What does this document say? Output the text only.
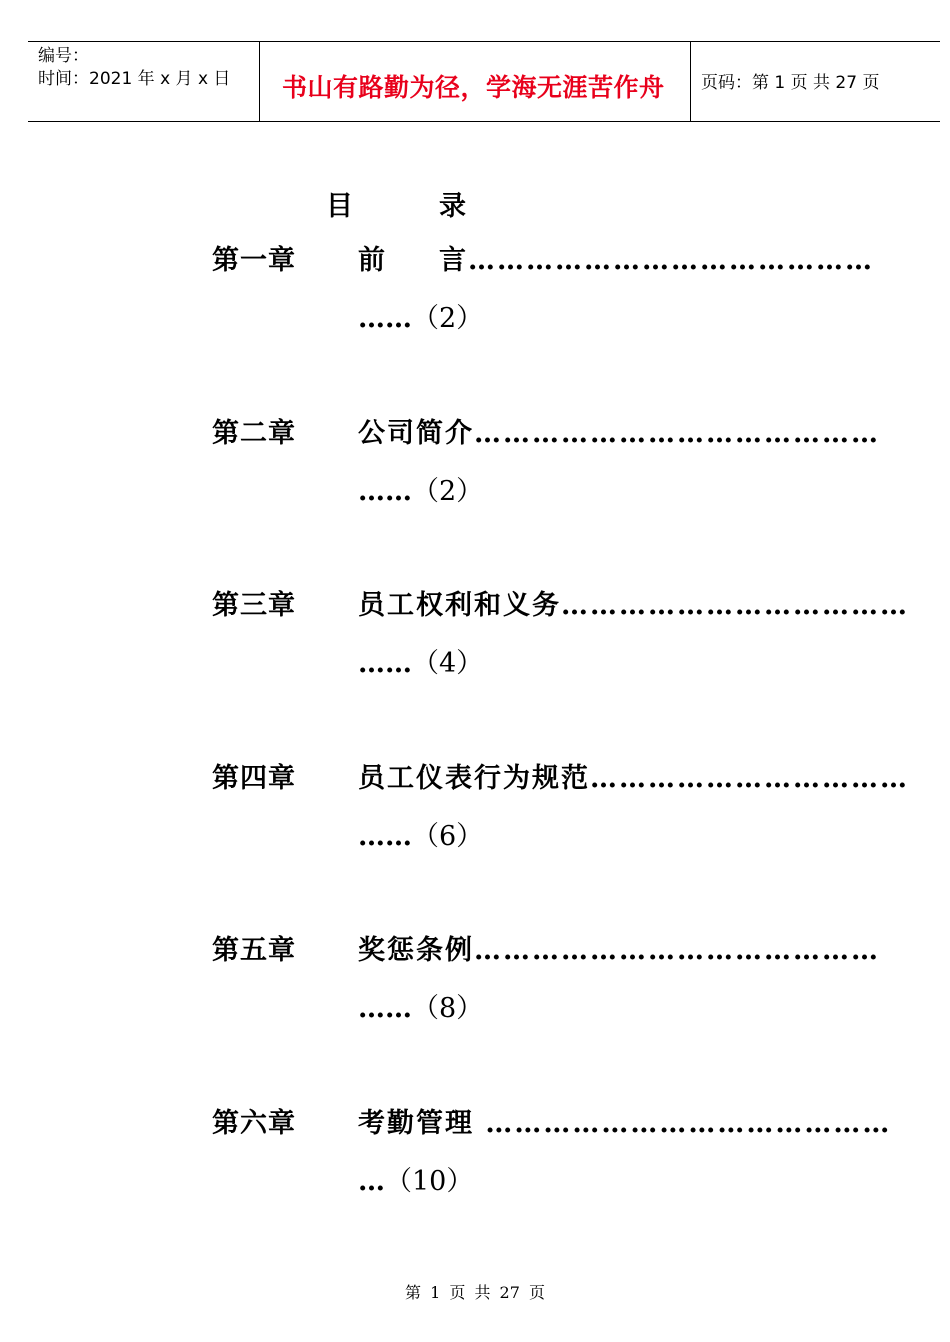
编号：
时间：2021 年 x 月 x 日 书山有路勤为径，学海无涯苦作舟 页码：第 1 页 共 27 页
目	录
第一章 前 言……………………………………
……（2）
第二章 公司简介……………………………………
……（2）
第三章 员工权利和义务………………………………
……（4）
第四章 员工仪表行为规范……………………………
……（6）
第五章 奖惩条例……………………………………
……（8）
第六章 考勤管理 ……………………………………
…（10）
第 1 页 共 27 页
